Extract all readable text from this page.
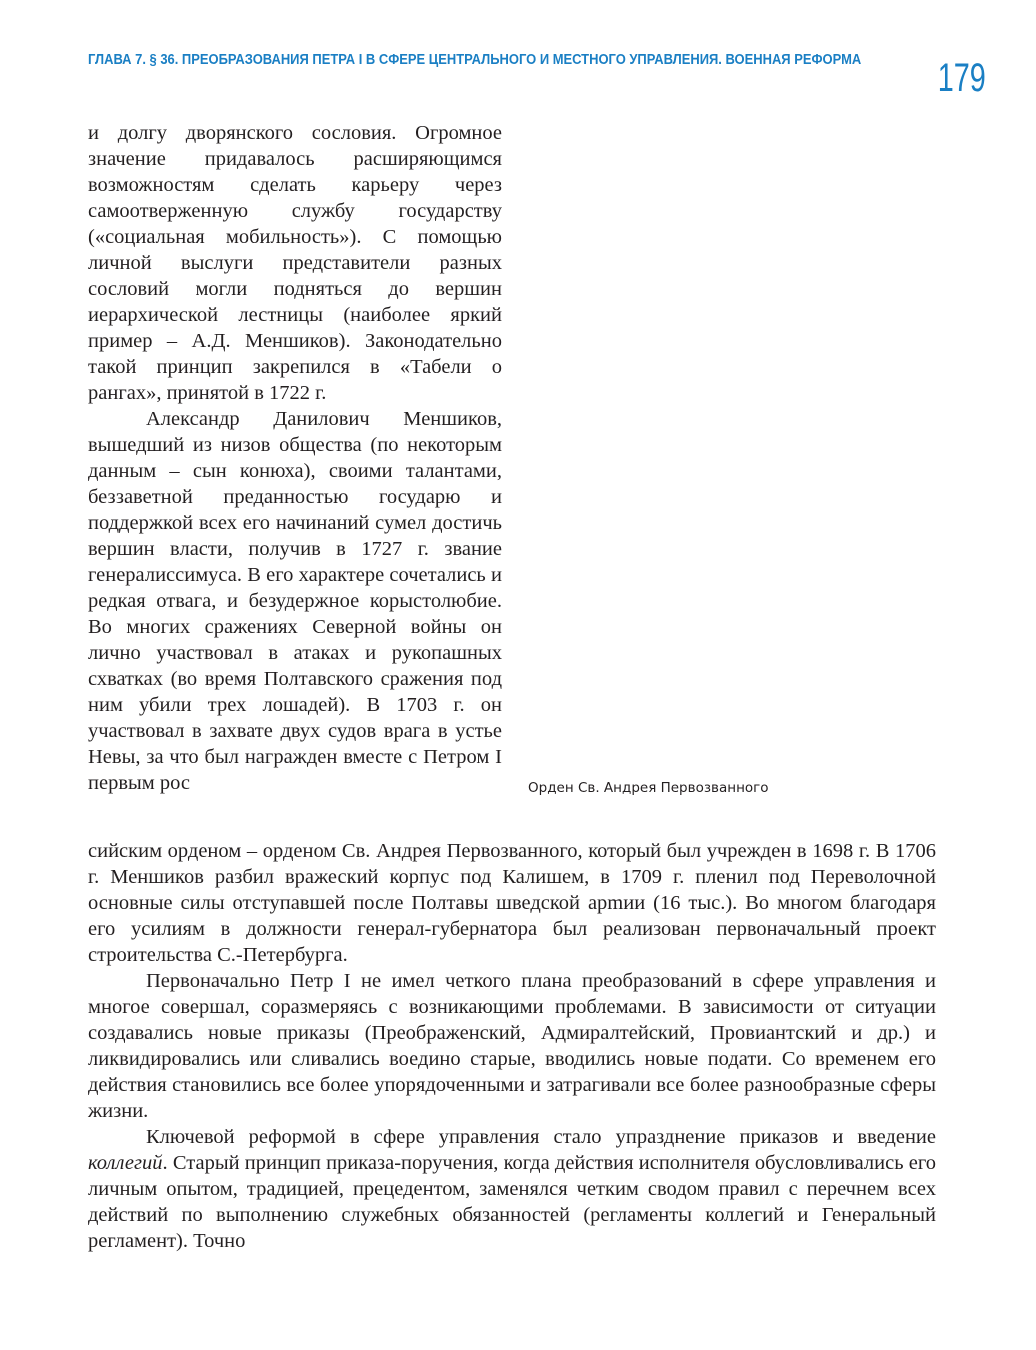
ГЛАВА 7. § 36. ПРЕОБРАЗОВАНИЯ ПЕТРА I В СФЕРЕ ЦЕНТРАЛЬНОГО И МЕСТНОГО УПРАВЛЕНИЯ. ВОЕННАЯ РЕФОРМА 179
Орден Св. Андрея Первозванного

и долгу дворянского сословия. Огромное значение придавалось расширяющимся возможностям сделать карьеру через самоотверженную службу государству («социальная мобильность»). С помощью личной выслуги представители разных сословий могли подняться до вершин иерархической лестницы (наиболее яркий пример – А.Д. Меншиков). Законодательно такой принцип закрепился в «Табели о рангах», принятой в 1722 г.

Александр Данилович Меншиков, вышедший из низов общества (по некоторым данным – сын конюха), своими талантами, беззаветной преданностью государю и поддержкой всех его начинаний сумел достичь вершин власти, получив в 1727 г. звание генералиссимуса. В его характере сочетались и редкая отвага, и безудержное корыстолюбие. Во многих сражениях Северной войны он лично участвовал в атаках и рукопашных схватках (во время Полтавского сражения под ним убили трех лошадей). В 1703 г. он участвовал в захвате двух судов врага в устье Невы, за что был награжден вместе с Петром I первым рос

сийским орденом – орденом Св. Андрея Первозванного, который был учрежден в 1698 г. В 1706 г. Меншиков разбил вражеский корпус под Калишем, в 1709 г. пленил под Переволочной основные силы отступавшей после Полтавы шведской арmии (16 тыс.). Во многом благодаря его усилиям в должности генерал-губернатора был реализован первоначальный проект строительства С.-Петербурга.

Первоначально Петр I не имел четкого плана преобразований в сфере управления и многое совершал, соразмеряясь с возникающими проблемами. В зависимости от ситуации создавались новые приказы (Преображенский, Адмиралтейский, Провиантский и др.) и ликвидировались или сливались воедино старые, вводились новые подати. Со временем его действия становились все более упорядоченными и затрагивали все более разнообразные сферы жизни.

Ключевой реформой в сфере управления стало упразднение приказов и введение коллегий. Старый принцип приказа-поручения, когда действия исполнителя обусловливались его личным опытом, традицией, прецедентом, заменялся четким сводом правил с перечнем всех действий по выполнению служебных обязанностей (регламенты коллегий и Генеральный регламент). Точно
